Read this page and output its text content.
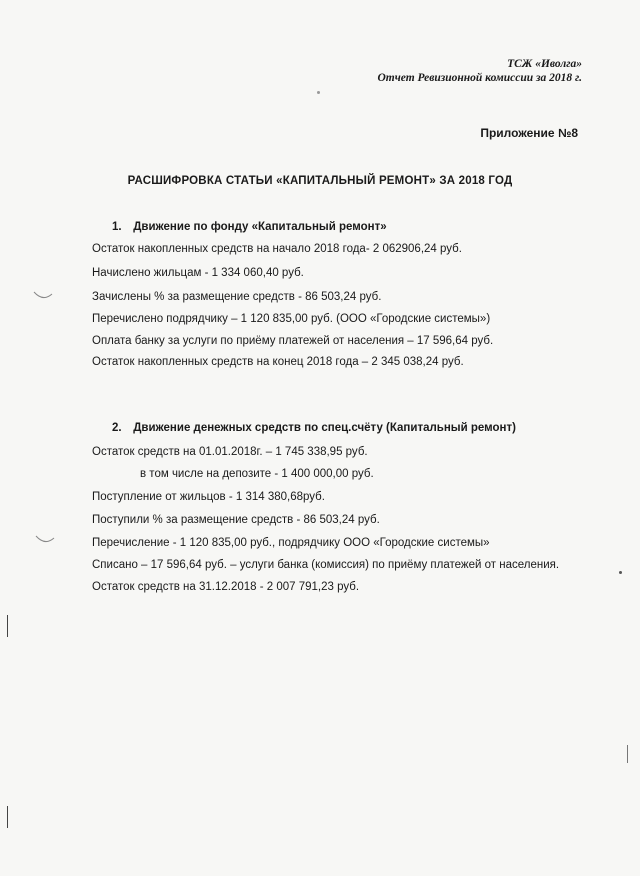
ТСЖ «Иволга»
Отчет Ревизионной комиссии за 2018 г.
Приложение №8
РАСШИФРОВКА СТАТЬИ «КАПИТАЛЬНЫЙ РЕМОНТ» ЗА 2018 ГОД
1. Движение по фонду «Капитальный ремонт»
Остаток накопленных средств на начало 2018 года- 2 062906,24 руб.
Начислено жильцам - 1 334 060,40 руб.
Зачислены % за размещение средств - 86 503,24 руб.
Перечислено подрядчику – 1 120 835,00 руб. (ООО «Городские системы»)
Оплата банку за услуги по приёму платежей от населения – 17 596,64 руб.
Остаток накопленных средств на конец 2018 года – 2 345 038,24 руб.
2. Движение денежных средств по спец.счёту (Капитальный ремонт)
Остаток средств на 01.01.2018г. – 1 745 338,95 руб.
в том числе на депозите - 1 400 000,00 руб.
Поступление от жильцов - 1 314 380,68руб.
Поступили % за размещение средств - 86 503,24 руб.
Перечисление - 1 120 835,00 руб., подрядчику ООО «Городские системы»
Списано – 17 596,64 руб. – услуги банка (комиссия) по приёму платежей от населения.
Остаток средств на 31.12.2018 - 2 007 791,23 руб.
